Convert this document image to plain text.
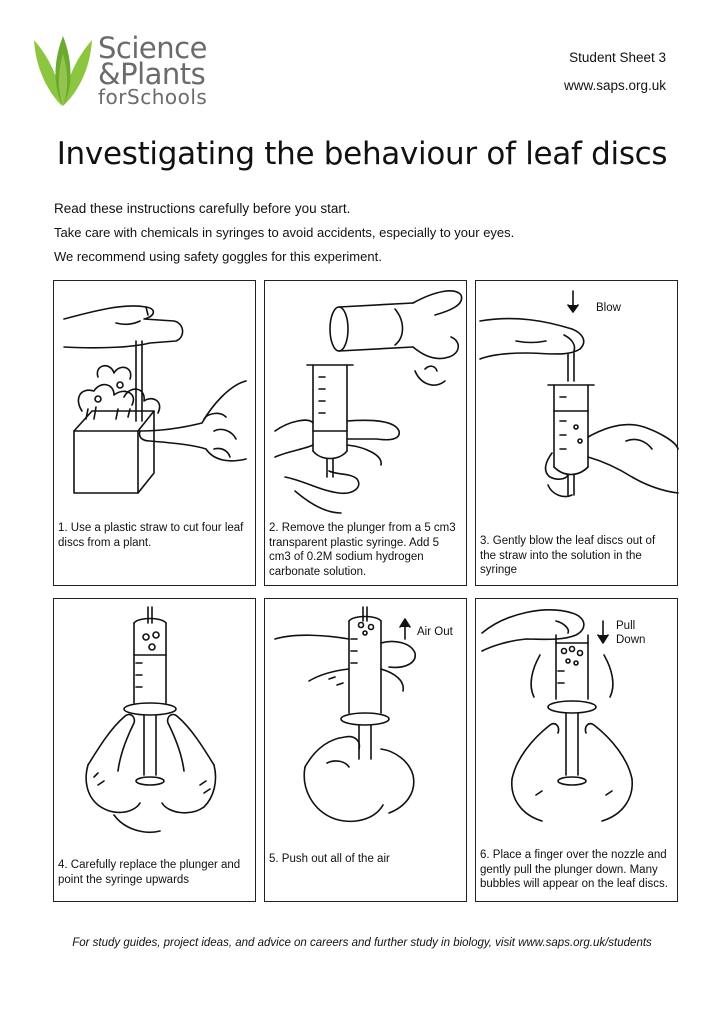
Science
&Plants
forSchools
Student Sheet 3
www.saps.org.uk
Investigating the behaviour of leaf discs
Read these instructions carefully before you start.
Take care with chemicals in syringes to avoid accidents, especially to your eyes.
We recommend using safety goggles for this experiment.
1. Use a plastic straw to cut four leaf discs from a plant.
2. Remove the plunger from a 5 cm3 transparent plastic syringe. Add 5 cm3 of 0.2M sodium hydrogen carbonate solution.
Blow
3. Gently blow the leaf discs out of the straw into the solution in the syringe
4. Carefully replace the plunger and point the syringe upwards
Air Out
5. Push out all of the air
Pull Down
6. Place a finger over the nozzle and gently pull the plunger down. Many bubbles will appear on the leaf discs.
For study guides, project ideas, and advice on careers and further study in biology, visit www.saps.org.uk/students
